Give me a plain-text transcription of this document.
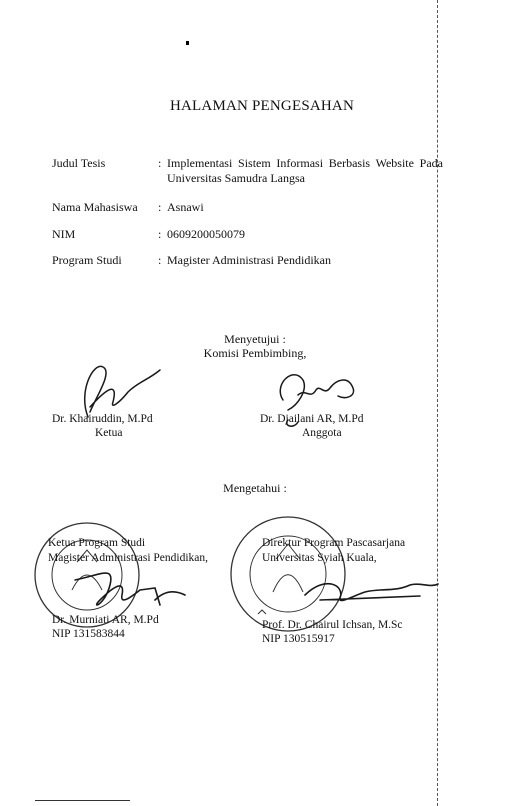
HALAMAN PENGESAHAN
Judul Tesis	: Implementasi Sistem Informasi Berbasis Website Pada
Universitas Samudra Langsa
Nama Mahasiswa : Asnawi
NIM	: 0609200050079
Program Studi	: Magister Administrasi Pendidikan
Menyetujui :
Komisi Pembimbing,
Dr. Khairuddin, M.Pd
Ketua
Dr. Djailani AR, M.Pd
Anggota
Mengetahui :
Ketua Program Studi
Magister Administrasi Pendidikan,
Dr. Murniati AR, M.Pd
NIP 131583844
Direktur Program Pascasarjana
Universitas Syiah Kuala,
Prof. Dr. Chairul Ichsan, M.Sc
NIP 130515917
